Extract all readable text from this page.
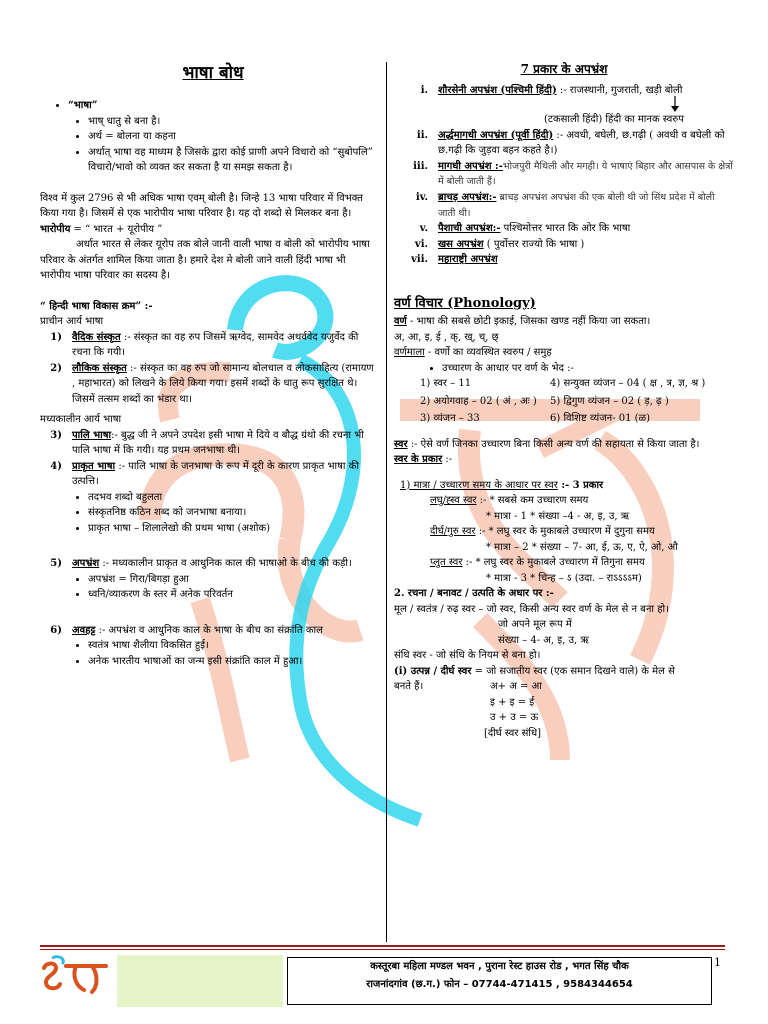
भाषा बोध
• “भाषा”
• भाष् धातु से बना है।
• अर्थ = बोलना या कहना
• अर्थात् भाषा वह माध्यम है जिसके द्वारा कोई प्राणी अपने विचारो को “सुबोपलि” विचारो/भावो को व्यक्त कर सकता है या समझ सकता है।

विश्व में कुल 2796 से भी अधिक भाषा एवम् बोली है। जिन्हे 13 भाषा परिवार में विभक्त किया गया है। जिसमें से एक भारोपीय भाषा परिवार है। यह दो शब्दो से मिलकर बना है।

भारोपीय = “ भारत + यूरोपीय ”

अर्थात भारत से लेकर यूरोप तक बोले जानी वाली भाषा व बोली को भारोपीय भाषा परिवार के अंतर्गत शामिल किया जाता है। हमारे देश मे बोली जाने वाली हिंदी भाषा भी भारोपीय भाषा परिवार का सदस्य है।

“ हिन्दी भाषा विकास क्रम” :-

प्राचीन आर्य भाषा

1) वैदिक संस्कृत :- संस्कृत का वह रुप जिसमें ऋग्वेद, सामवेद अथर्ववेद यजुर्वेद की रचना कि गयी।
2) लौकिक संस्कृत :- संस्कृत का वह रुप जो सामान्य बोलचाल व लोकसाहित्य (रामायण , महाभारत) को लिखने के लिये किया गया। इसमें शब्दों के धातु रूप सुरक्षित थे। जिसमें तत्सम शब्दों का भंडार था।

मध्यकालीन आर्य भाषा

3) पालि भाषा:- बुद्ध जी ने अपने उपदेश इसी भाषा मे दिये व बौद्ध ग्रंथो की रचना भी पालि भाषा में कि गयी। यह प्रथम जनभाषा थी।
4) प्राकृत भाषा :- पालि भाषा के जनभाषा के रूप में दूरी के कारण प्राकृत भाषा की उत्पत्ति।
• तदभव शब्दो बहुलता
• संस्कृतनिष्ठ कठिन शब्द को जनभाषा बनाया।
• प्राकृत भाषा – शिलालेखो की प्रथम भाषा (अशोक)
5) अपभ्रंश :- मध्यकालीन प्राकृत व आधुनिक काल की भाषाओ के बीच की कड़ी।
• अपभ्रंश = गिरा/बिगड़ा हुआ
• ध्वनि/व्याकरण के स्तर में अनेक परिवर्तन
6) अवहट्ट :- अपभ्रंश व आधुनिक काल के भाषा के बीच का संक्रांति काल
• स्वतंत्र भाषा शैलीया विकसित हुई।
• अनेक भारतीय भाषाओं का जन्म इसी संक्रांति काल में हुआ।
7 प्रकार के अपभ्रंश
i. शौरसेनी अपभ्रंश (पश्चिमी हिंदी) :- राजस्थानी, गुजराती, खड़ी बोली

(टकसाली हिंदी) हिंदी का मानक स्वरुप

ii. अर्द्धमागधी अपभ्रंश (पूर्वी हिंदी) :- अवधी, बघेली, छ.गढ़ी ( अवधी व बघेली को छ.गढ़ी कि जुड़वा बहन कहते है।)
iii. मागधी अपभ्रंश :-भोजपुरी मैथिली और मगही। ये भाषाएं बिहार और आसपास के क्षेत्रों में बोली जाती हैं।
iv. ब्राचड़ अपभ्रंश:- ब्राचड़ अपभ्रंश अपभ्रंश की एक बोली थी जो सिंध प्रदेश में बोली जाती थी।
v. पैशाची अपभ्रंश:- पश्चिमोत्तर भारत कि ओर कि भाषा
vi. खस अपभ्रंश ( पुर्वोत्तर राज्यो कि भाषा )
vii. महाराष्ट्री अपभ्रंश
वर्ण विचार (Phonology)

वर्ण - भाषा की सबसे छोटी इकाई, जिसका खण्ड नहीं किया जा सकता।

अ, आ, इ, ई , क्, ख्, च्, छ्

वर्णमाला - वर्णो का व्यवस्थित स्वरुप / समुह

• उच्चारण के आधार पर वर्ण के भेद :-
1) स्वर – 11	4) सन्युक्त व्यंजन – 04 ( क्ष , त्र, ज्ञ, श्र )
2) अयोगवाह – 02 ( अं , अः )	5) द्विगुण व्यंजन – 02 ( ड़, ढ़ )
3) व्यंजन – 33	6) विशिष्ट व्यंजन- 01 (ळ)

स्वर :- ऐसे वर्ण जिनका उच्चारण बिना किसी अन्य वर्ण की सहायता से किया जाता है।

स्वर के प्रकार :-

1) मात्रा / उच्चारण समय के आधार पर स्वर :- 3 प्रकार

लघु/ह्स्व स्वर :- * सबसे कम उच्चारण समय

* मात्रा - 1 * संख्या –4 - अ, इ, उ, ऋ

दीर्घ/गुरु स्वर :- * लघु स्वर के मुकाबले उच्चारण में दुगुना समय

* मात्रा – 2 * संख्या – 7- आ, ई, ऊ, ए, ऐ, ओ, औ

प्लुत स्वर :- * लघु स्वर के मुकाबले उच्चारण में तिगुना समय

* मात्रा - 3 * चिन्ह – ऽ (उदा. – राऽऽऽऽम)

2. रचना / बनावट / उत्पति के अधार पर :-

मूल / स्वतंत्र / रुढ़ स्वर – जो स्वर, किसी अन्य स्वर वर्ण के मेल से न बना हो।

जो अपने मूल रूप में

संख्या – 4- अ, इ, उ, ऋ

संधि स्वर - जो संधि के नियम से बना हो।

(i) उत्पन्न / दीर्घ स्वर = जो सजातीय स्वर (एक समान दिखने वाले) के मेल से

बनते हैं।	अ+ अ = आ
इ + इ = ई
उ + उ = ऊ
[दीर्घ स्वर संधि]
कस्तूरबा महिला मण्डल भवन , पुराना रेस्ट हाउस रोड , भगत सिंह चौक
राजनांदगांव (छ.ग.) फोन – 07744-471415 , 9584344654
1
